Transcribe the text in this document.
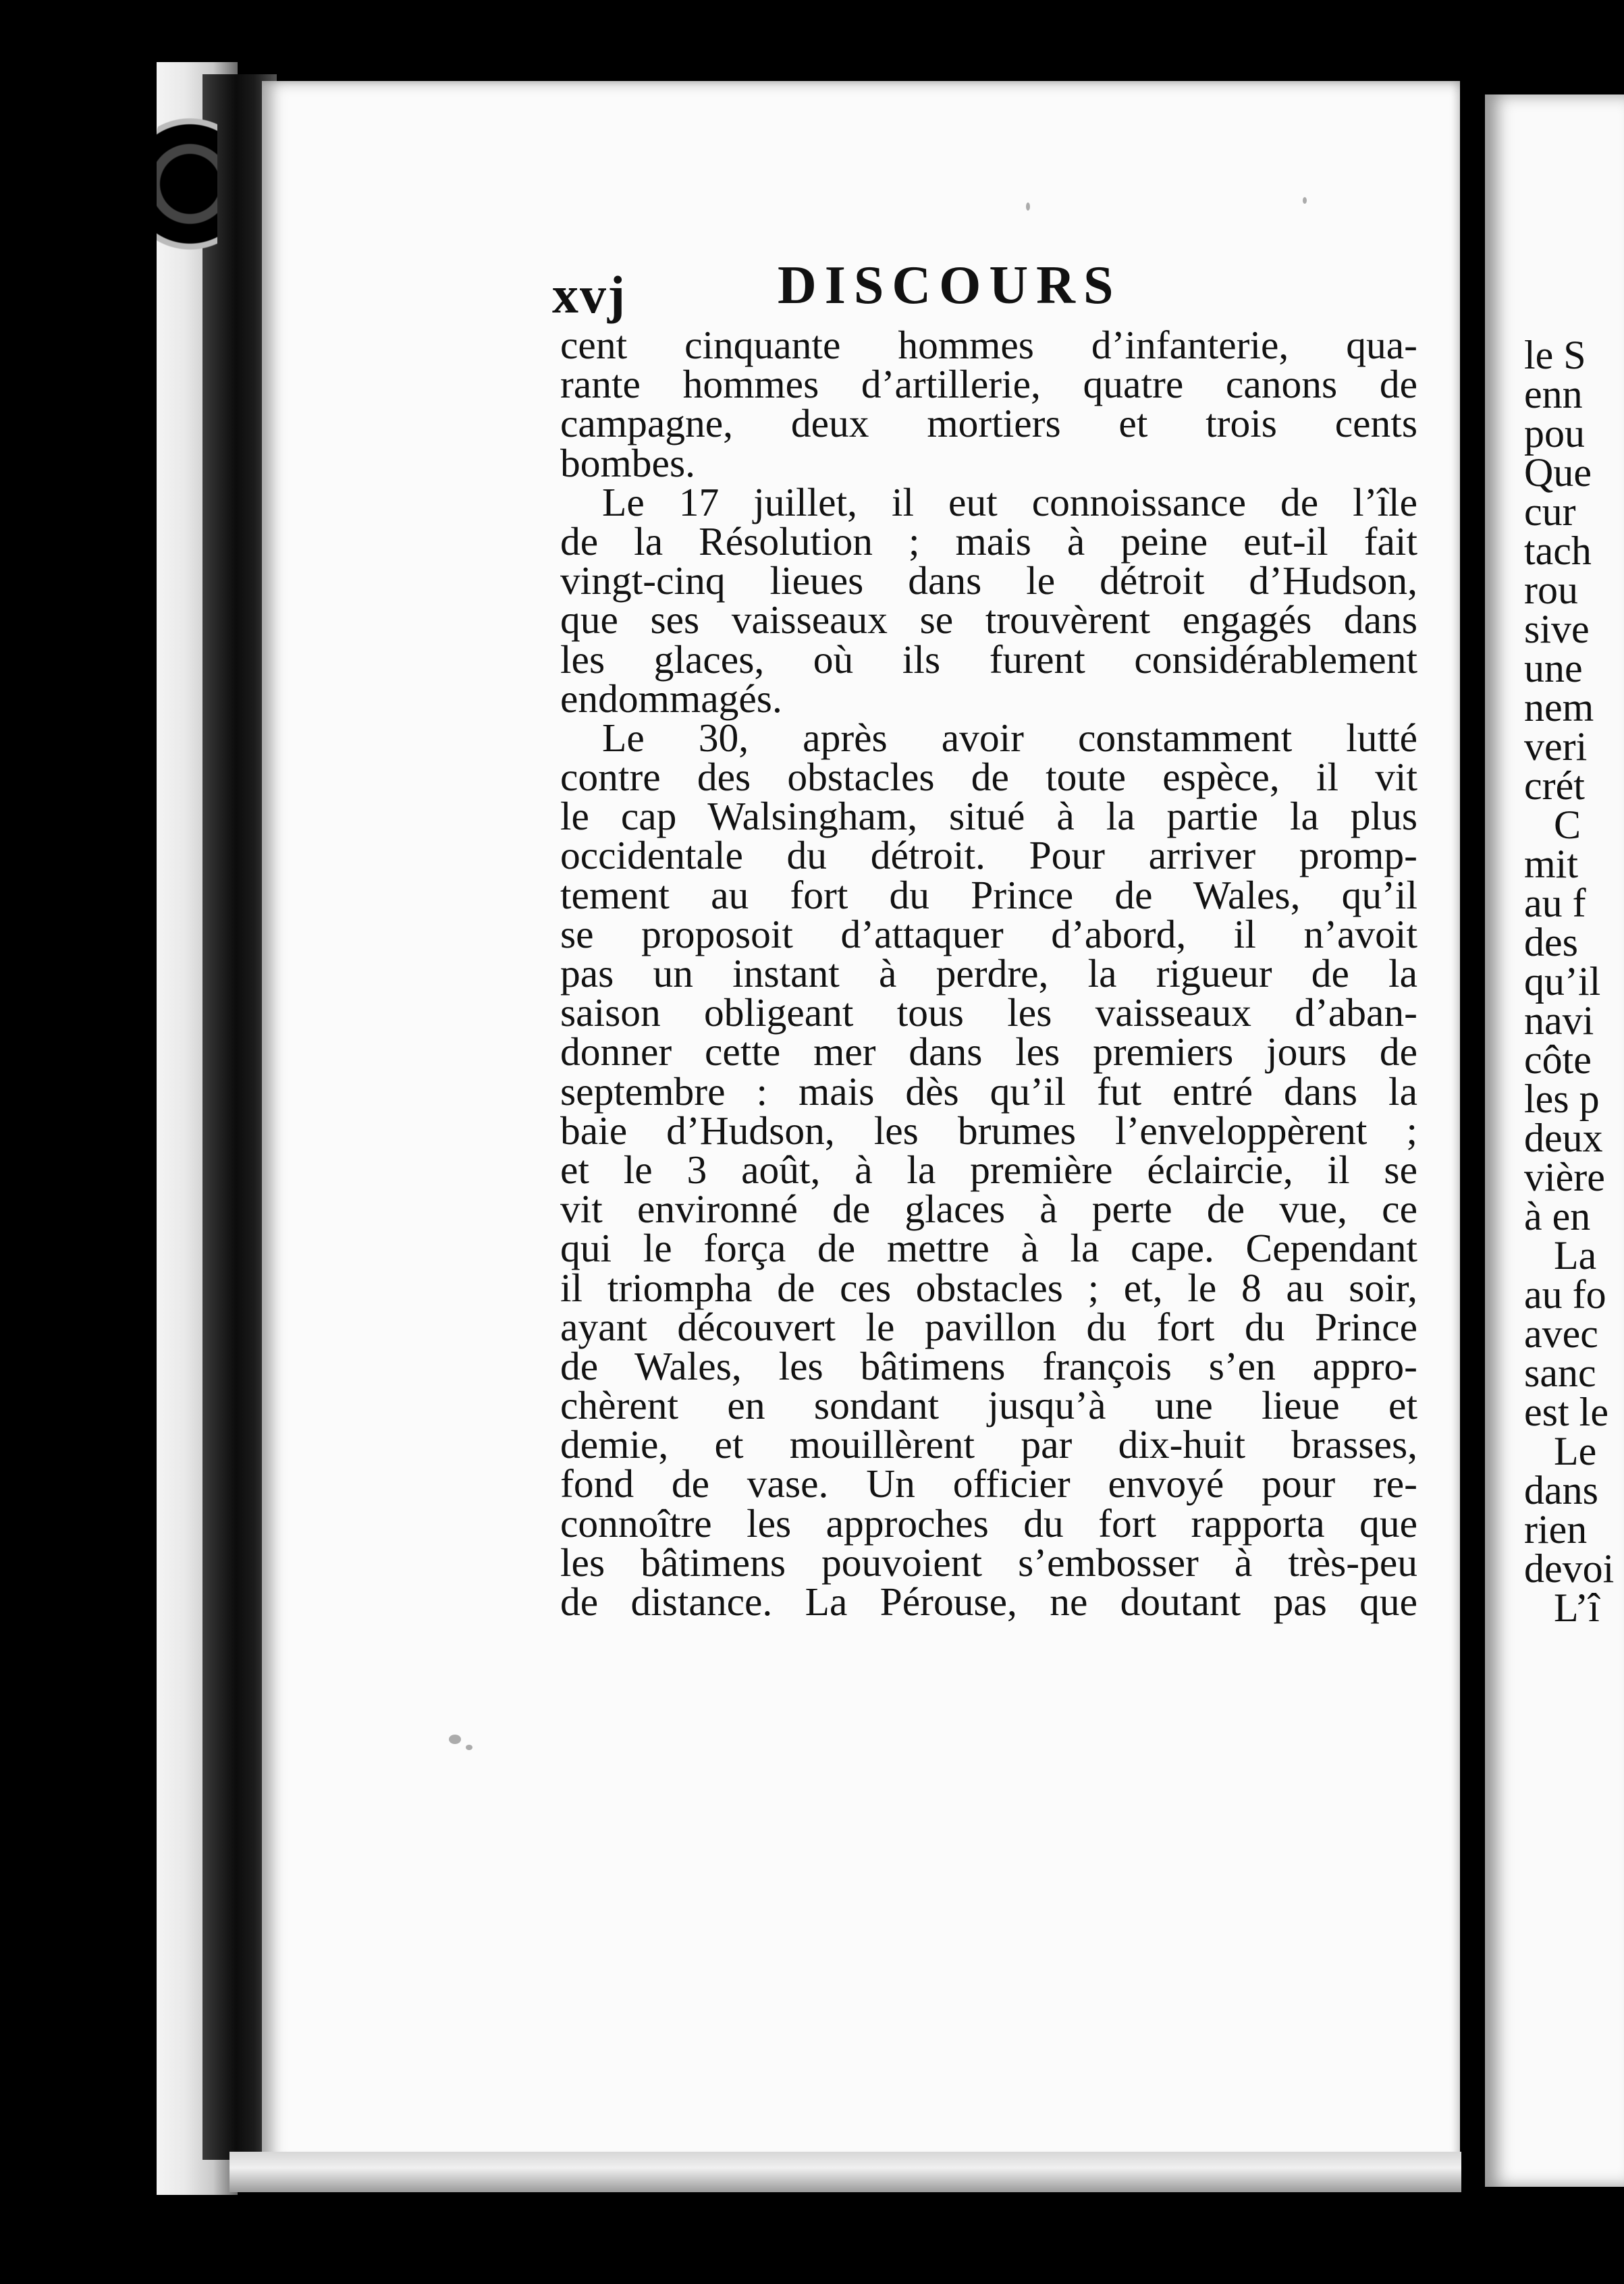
xvj	DISCOURS
cent cinquante hommes d’infanterie, qua-
rante hommes d’artillerie, quatre canons de
campagne, deux mortiers et trois cents
bombes.
Le 17 juillet, il eut connoissance de l’île
de la Résolution ; mais à peine eut-il fait
vingt-cinq lieues dans le détroit d’Hudson,
que ses vaisseaux se trouvèrent engagés dans
les glaces, où ils furent considérablement
endommagés.
Le 30, après avoir constamment lutté
contre des obstacles de toute espèce, il vit
le cap Walsingham, situé à la partie la plus
occidentale du détroit. Pour arriver promp-
tement au fort du Prince de Wales, qu’il
se proposoit d’attaquer d’abord, il n’avoit
pas un instant à perdre, la rigueur de la
saison obligeant tous les vaisseaux d’aban-
donner cette mer dans les premiers jours de
septembre : mais dès qu’il fut entré dans la
baie d’Hudson, les brumes l’enveloppèrent ;
et le 3 août, à la première éclaircie, il se
vit environné de glaces à perte de vue, ce
qui le força de mettre à la cape. Cependant
il triompha de ces obstacles ; et, le 8 au soir,
ayant découvert le pavillon du fort du Prince
de Wales, les bâtimens françois s’en appro-
chèrent en sondant jusqu’à une lieue et
demie, et mouillèrent par dix-huit brasses,
fond de vase. Un officier envoyé pour re-
connoître les approches du fort rapporta que
les bâtimens pouvoient s’embosser à très-peu
de distance. La Pérouse, ne doutant pas que
le S
enn
pou
Que
cur
tach
rou
sive
une
nem
veri
crét
C
mit
au f
des
qu’il
navi
côte
les p
deux
vière
à en
La
au fo
avec
sanc
est le
Le
dans
rien
devoi
L’î
